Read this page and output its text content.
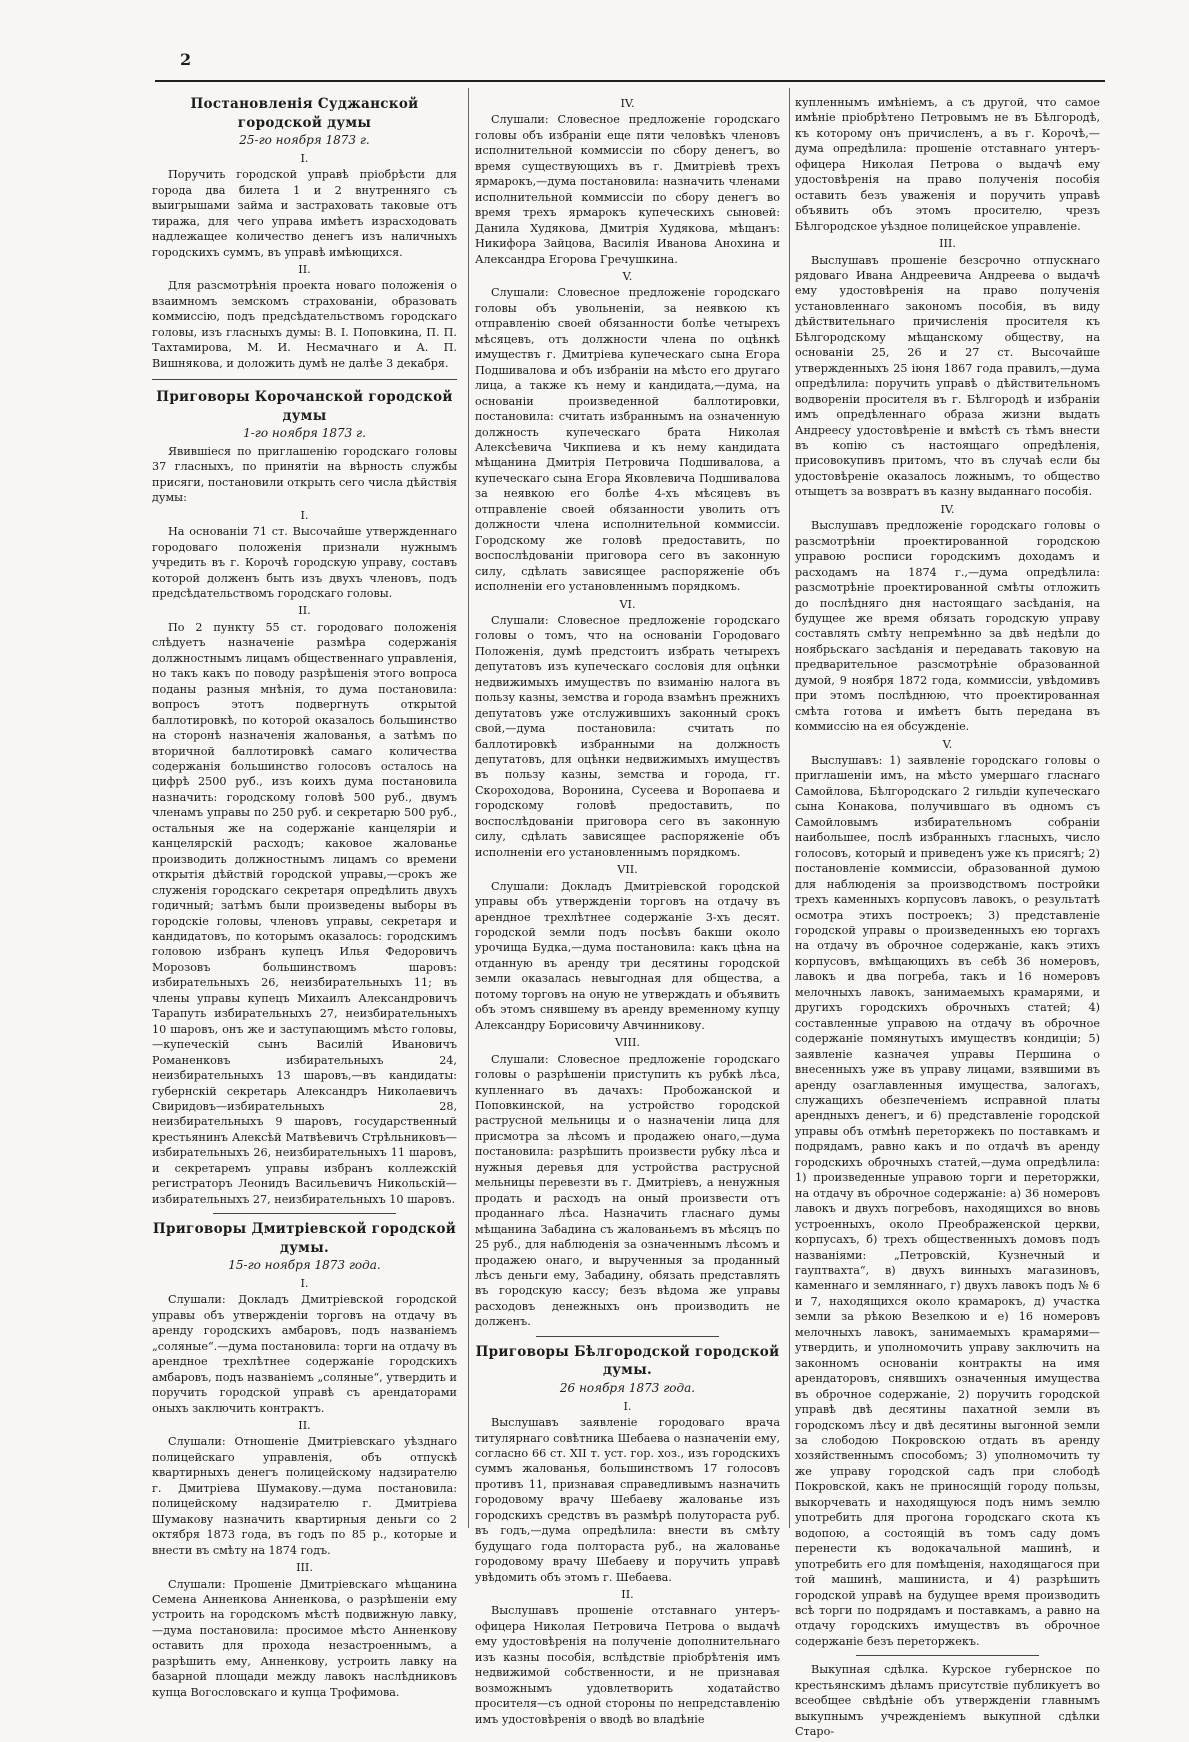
2
Постановленія Суджанской городской думы
25-го ноября 1873 г.
I.

Поручить городской управѣ пріобрѣсти для города два билета 1 и 2 внутренняго съ выигрышами займа и застраховать таковые отъ тиража, для чего управа имѣетъ израсходовать надлежащее количество денегъ изъ наличныхъ городскихъ суммъ, въ управѣ имѣющихся.

II.

Для разсмотрѣнія проекта новаго положенія о взаимномъ земскомъ страхованіи, образовать коммиссію, подъ предсѣдательствомъ городскаго головы, изъ гласныхъ думы: В. І. Поповкина, П. П. Тахтамирова, М. И. Несмачнаго и А. П. Вишнякова, и доложить думѣ не далѣе 3 декабря.

Приговоры Корочанской городской думы
1-го ноября 1873 г.

Явившіеся по приглашенію городскаго головы 37 гласныхъ, по принятіи на вѣрность службы присяги, постановили открыть сего числа дѣйствія думы:

I.

На основаніи 71 ст. Высочайше утвержденнаго городоваго положенія признали нужнымъ учредить въ г. Корочѣ городскую управу, составъ которой долженъ быть изъ двухъ членовъ, подъ предсѣдательствомъ городскаго головы.

II.

По 2 пункту 55 ст. городоваго положенія слѣдуетъ назначеніе размѣра содержанія должностнымъ лицамъ общественнаго управленія, но такъ какъ по поводу разрѣшенія этого вопроса поданы разныя мнѣнія, то дума постановила: вопросъ этотъ подвергнуть открытой баллотировкѣ, по которой оказалось большинство на сторонѣ назначенія жалованья, а затѣмъ по вторичной баллотировкѣ самаго количества содержанія большинство голосовъ осталось на цифрѣ 2500 руб., изъ коихъ дума постановила назначить: городскому головѣ 500 руб., двумъ членамъ управы по 250 руб. и секретарю 500 руб., остальныя же на содержаніе канцеляріи и канцелярскій расходъ; каковое жалованье производить должностнымъ лицамъ со времени открытія дѣйствій городской управы,—срокъ же служенія городскаго секретаря опредѣлить двухъ годичный; затѣмъ были произведены выборы въ городскіе головы, членовъ управы, секретаря и кандидатовъ, по которымъ оказалось: городскимъ головою избранъ купецъ Илья Федоровичъ Морозовъ большинствомъ шаровъ: избирательныхъ 26, неизбирательныхъ 11; въ члены управы купецъ Михаилъ Александровичъ Тарапуть избирательныхъ 27, неизбирательныхъ 10 шаровъ, онъ же и заступающимъ мѣсто головы,—купеческій сынъ Василій Ивановичъ Романенковъ избирательныхъ 24, неизбирательныхъ 13 шаровъ,—въ кандидаты: губернскій секретарь Александръ Николаевичъ Свиридовъ—избирательныхъ 28, неизбирательныхъ 9 шаровъ, государственный крестьянинъ Алексѣй Матвѣевичъ Стрѣльниковъ—избирательныхъ 26, неизбирательныхъ 11 шаровъ, и секретаремъ управы избранъ коллежскій регистраторъ Леонидъ Васильевичъ Никольскій—избирательныхъ 27, неизбирательныхъ 10 шаровъ.

Приговоры Дмитріевской городской думы.
15-го ноября 1873 года.
I.

Слушали: Докладъ Дмитріевской городской управы объ утвержденіи торговъ на отдачу въ аренду городскихъ амбаровъ, подъ названіемъ „соляные“.—дума постановила: торги на отдачу въ арендное трехлѣтнее содержаніе городскихъ амбаровъ, подъ названіемъ „соляные“, утвердить и поручить городской управѣ съ арендаторами оныхъ заключить контрактъ.

II.

Слушали: Отношеніе Дмитріевскаго уѣзднаго полицейскаго управленія, объ отпускѣ квартирныхъ денегъ полицейскому надзирателю г. Дмитріева Шумакову.—дума постановила: полицейскому надзирателю г. Дмитріева Шумакову назначить квартирныя деньги со 2 октября 1873 года, въ годъ по 85 р., которые и внести въ смѣту на 1874 годъ.

III.

Слушали: Прошеніе Дмитріевскаго мѣщанина Семена Анненкова Анненкова, о разрѣшеніи ему устроить на городскомъ мѣстѣ подвижную лавку,—дума постановила: просимое мѣсто Анненкову оставить для прохода незастроеннымъ, а разрѣшить ему, Анненкову, устроить лавку на базарной площади между лавокъ наслѣдниковъ купца Вогословскаго и купца Трофимова.

IV.

Слушали: Словесное предложеніе городскаго головы объ избраніи еще пяти человѣкъ членовъ исполнительной коммиссіи по сбору денегъ, во время существующихъ въ г. Дмитріевѣ трехъ ярмарокъ,—дума постановила: назначить членами исполнительной коммиссіи по сбору денегъ во время трехъ ярмарокъ купеческихъ сыновей: Данила Худякова, Дмитрія Худякова, мѣщанъ: Никифора Зайцова, Василія Иванова Анохина и Александра Егорова Гречушкина.

V.

Слушали: Словесное предложеніе городскаго головы объ увольненіи, за неявкою къ отправленію своей обязанности болѣе четырехъ мѣсяцевъ, отъ должности члена по оцѣнкѣ имуществъ г. Дмитріева купеческаго сына Егора Подшивалова и объ избраніи на мѣсто его другаго лица, а также къ нему и кандидата,—дума, на основаніи произведенной баллотировки, постановила: считать избраннымъ на означенную должность купеческаго брата Николая Алексѣевича Чикпиева и къ нему кандидата мѣщанина Дмитрія Петровича Подшивалова, а купеческаго сына Егора Яковлевича Подшивалова за неявкою его болѣе 4-хъ мѣсяцевъ въ отправленіе своей обязанности уволить отъ должности члена исполнительной коммиссіи. Городскому же головѣ предоставить, по воспослѣдованіи приговора сего въ законную силу, сдѣлать зависящее распоряженіе объ исполненіи его установленнымъ порядкомъ.

VI.

Слушали: Словесное предложеніе городскаго головы о томъ, что на основаніи Городоваго Положенія, думѣ предстоитъ избрать четырехъ депутатовъ изъ купеческаго сословія для оцѣнки недвижимыхъ имуществъ по взиманію налога въ пользу казны, земства и города взамѣнъ прежнихъ депутатовъ уже отслужившихъ законный срокъ свой,—дума постановила: считать по баллотировкѣ избранными на должность депутатовъ, для оцѣнки недвижимыхъ имуществъ въ пользу казны, земства и города, гг. Скороходова, Воронина, Сусеева и Воропаева и городскому головѣ предоставить, по воспослѣдованіи приговора сего въ законную силу, сдѣлать зависящее распоряженіе объ исполненіи его установленнымъ порядкомъ.

VII.

Слушали: Докладъ Дмитріевской городской управы объ утвержденіи торговъ на отдачу въ арендное трехлѣтнее содержаніе 3-хъ десят. городской земли подъ посѣвъ бакши около урочища Будка,—дума постановила: какъ цѣна на отданную въ аренду три десятины городской земли оказалась невыгодная для общества, а потому торговъ на оную не утверждать и объявить объ этомъ снявшему въ аренду временному купцу Александру Борисовичу Авчинникову.

VIII.

Слушали: Словесное предложеніе городскаго головы о разрѣшеніи приступить къ рубкѣ лѣса, купленнаго въ дачахъ: Пробожанской и Поповкинской, на устройство городской раструсной мельницы и о назначеніи лица для присмотра за лѣсомъ и продажею онаго,—дума постановила: разрѣшить произвести рубку лѣса и нужныя деревья для устройства раструсной мельницы перевезти въ г. Дмитріевъ, а ненужныя продать и расходъ на оный произвести отъ проданнаго лѣса. Назначить гласнаго думы мѣщанина Забадина съ жалованьемъ въ мѣсяцъ по 25 руб., для наблюденія за означеннымъ лѣсомъ и продажею онаго, и вырученныя за проданный лѣсъ деньги ему, Забадину, обязать представлять въ городскую кассу; безъ вѣдома же управы расходовъ денежныхъ онъ производить не долженъ.

Приговоры Бѣлгородской городской думы.
26 ноября 1873 года.
I.

Выслушавъ заявленіе городоваго врача титулярнаго совѣтника Шебаева о назначеніи ему, согласно 66 ст. XII т. уст. гор. хоз., изъ городскихъ суммъ жалованья, большинствомъ 17 голосовъ противъ 11, признавая справедливымъ назначить городовому врачу Шебаеву жалованье изъ городскихъ средствъ въ размѣрѣ полутораста руб. въ годъ,—дума опредѣлила: внести въ смѣту будущаго года полтораста руб., на жалованье городовому врачу Шебаеву и поручить управѣ увѣдомить объ этомъ г. Шебаева.

II.

Выслушавъ прошеніе отставнаго унтеръ-офицера Николая Петровича Петрова о выдачѣ ему удостовѣренія на полученіе дополнительнаго изъ казны пособія, вслѣдствіе пріобрѣтенія имъ недвижимой собственности, и не признавая возможнымъ удовлетворить ходатайство просителя—съ одной стороны по непредставленію имъ удостовѣренія о вводѣ во владѣніе

купленнымъ имѣніемъ, а съ другой, что самое имѣніе пріобрѣтено Петровымъ не въ Бѣлгородѣ, къ которому онъ причисленъ, а въ г. Корочѣ,—дума опредѣлила: прошеніе отставнаго унтеръ-офицера Николая Петрова о выдачѣ ему удостовѣренія на право полученія пособія оставить безъ уваженія и поручить управѣ объявить объ этомъ просителю, чрезъ Бѣлгородское уѣздное полицейское управленіе.

III.

Выслушавъ прошеніе безсрочно отпускнаго рядоваго Ивана Андреевича Андреева о выдачѣ ему удостовѣренія на право полученія установленнаго закономъ пособія, въ виду дѣйствительнаго причисленія просителя къ Бѣлгородскому мѣщанскому обществу, на основаніи 25, 26 и 27 ст. Высочайше утвержденныхъ 25 іюня 1867 года правилъ,—дума опредѣлила: поручить управѣ о дѣйствительномъ водвореніи просителя въ г. Бѣлгородѣ и избраніи имъ опредѣленнаго образа жизни выдать Андреесу удостовѣреніе и вмѣстѣ съ тѣмъ внести въ копію съ настоящаго опредѣленія, присовокупивъ притомъ, что въ случаѣ если бы удостовѣреніе оказалось ложнымъ, то общество отыщетъ за возвратъ въ казну выданнаго пособія.

IV.

Выслушавъ предложеніе городскаго головы о разсмотрѣніи проектированной городскою управою росписи городскимъ доходамъ и расходамъ на 1874 г.,—дума опредѣлила: разсмотрѣніе проектированной смѣты отложить до послѣдняго дня настоящаго засѣданія, на будущее же время обязать городскую управу составлять смѣту непремѣнно за двѣ недѣли до ноябрьскаго засѣданія и передавать таковую на предварительное разсмотрѣніе образованной думой, 9 ноября 1872 года, коммиссіи, увѣдомивъ при этомъ послѣднюю, что проектированная смѣта готова и имѣетъ быть передана въ коммиссію на ея обсужденіе.

V.

Выслушавъ: 1) заявленіе городскаго головы о приглашеніи имъ, на мѣсто умершаго гласнаго Самойлова, Бѣлгородскаго 2 гильдіи купеческаго сына Конакова, получившаго въ одномъ съ Самойловымъ избирательномъ собраніи наибольшее, послѣ избранныхъ гласныхъ, число голосовъ, который и приведенъ уже къ присягѣ; 2) постановленіе коммиссіи, образованной думою для наблюденія за производствомъ постройки трехъ каменныхъ корпусовъ лавокъ, о результатѣ осмотра этихъ построекъ; 3) представленіе городской управы о произведенныхъ ею торгахъ на отдачу въ оброчное содержаніе, какъ этихъ корпусовъ, вмѣщающихъ въ себѣ 36 номеровъ, лавокъ и два погреба, такъ и 16 номеровъ мелочныхъ лавокъ, занимаемыхъ крамарями, и другихъ городскихъ оброчныхъ статей; 4) составленные управою на отдачу въ оброчное содержаніе помянутыхъ имуществъ кондиціи; 5) заявленіе казначея управы Першина о внесенныхъ уже въ управу лицами, взявшими въ аренду озаглавленныя имущества, залогахъ, служащихъ обезпеченіемъ исправной платы арендныхъ денегъ, и 6) представленіе городской управы объ отмѣнѣ переторжекъ по поставкамъ и подрядамъ, равно какъ и по отдачѣ въ аренду городскихъ оброчныхъ статей,—дума опредѣлила: 1) произведенные управою торги и переторжки, на отдачу въ оброчное содержаніе: а) 36 номеровъ лавокъ и двухъ погребовъ, находящихся во вновь устроенныхъ, около Преображенской церкви, корпусахъ, б) трехъ общественныхъ домовъ подъ названіями: „Петровскій, Кузнечный и гауптвахта“, в) двухъ винныхъ магазиновъ, каменнаго и земляннаго, г) двухъ лавокъ подъ № 6 и 7, находящихся около крамарокъ, д) участка земли за рѣкою Везелкою и е) 16 номеровъ мелочныхъ лавокъ, занимаемыхъ крамарями—утвердить, и уполномочить управу заключить на законномъ основаніи контракты на имя арендаторовъ, снявшихъ означенныя имущества въ оброчное содержаніе, 2) поручить городской управѣ двѣ десятины пахатной земли въ городскомъ лѣсу и двѣ десятины выгонной земли за слободою Покровскою отдать въ аренду хозяйственнымъ способомъ; 3) уполномочить ту же управу городской садъ при слободѣ Покровской, какъ не приносящій городу пользы, выкорчевать и находящуюся подъ нимъ землю употребить для прогона городскаго скота къ водопою, а состоящій въ томъ саду домъ перенести къ водокачальной машинѣ, и употребить его для помѣщенія, находящагося при той машинѣ, машиниста, и 4) разрѣшить городской управѣ на будущее время производить всѣ торги по подрядамъ и поставкамъ, а равно на отдачу городскихъ имуществъ въ оброчное содержаніе безъ переторжекъ.

Выкупная сдѣлка. Курское губернское по крестьянскимъ дѣламъ присутствіе публикуетъ во всеобщее свѣдѣніе объ утвержденіи главнымъ выкупнымъ учрежденіемъ выкупной сдѣлки Старо-
